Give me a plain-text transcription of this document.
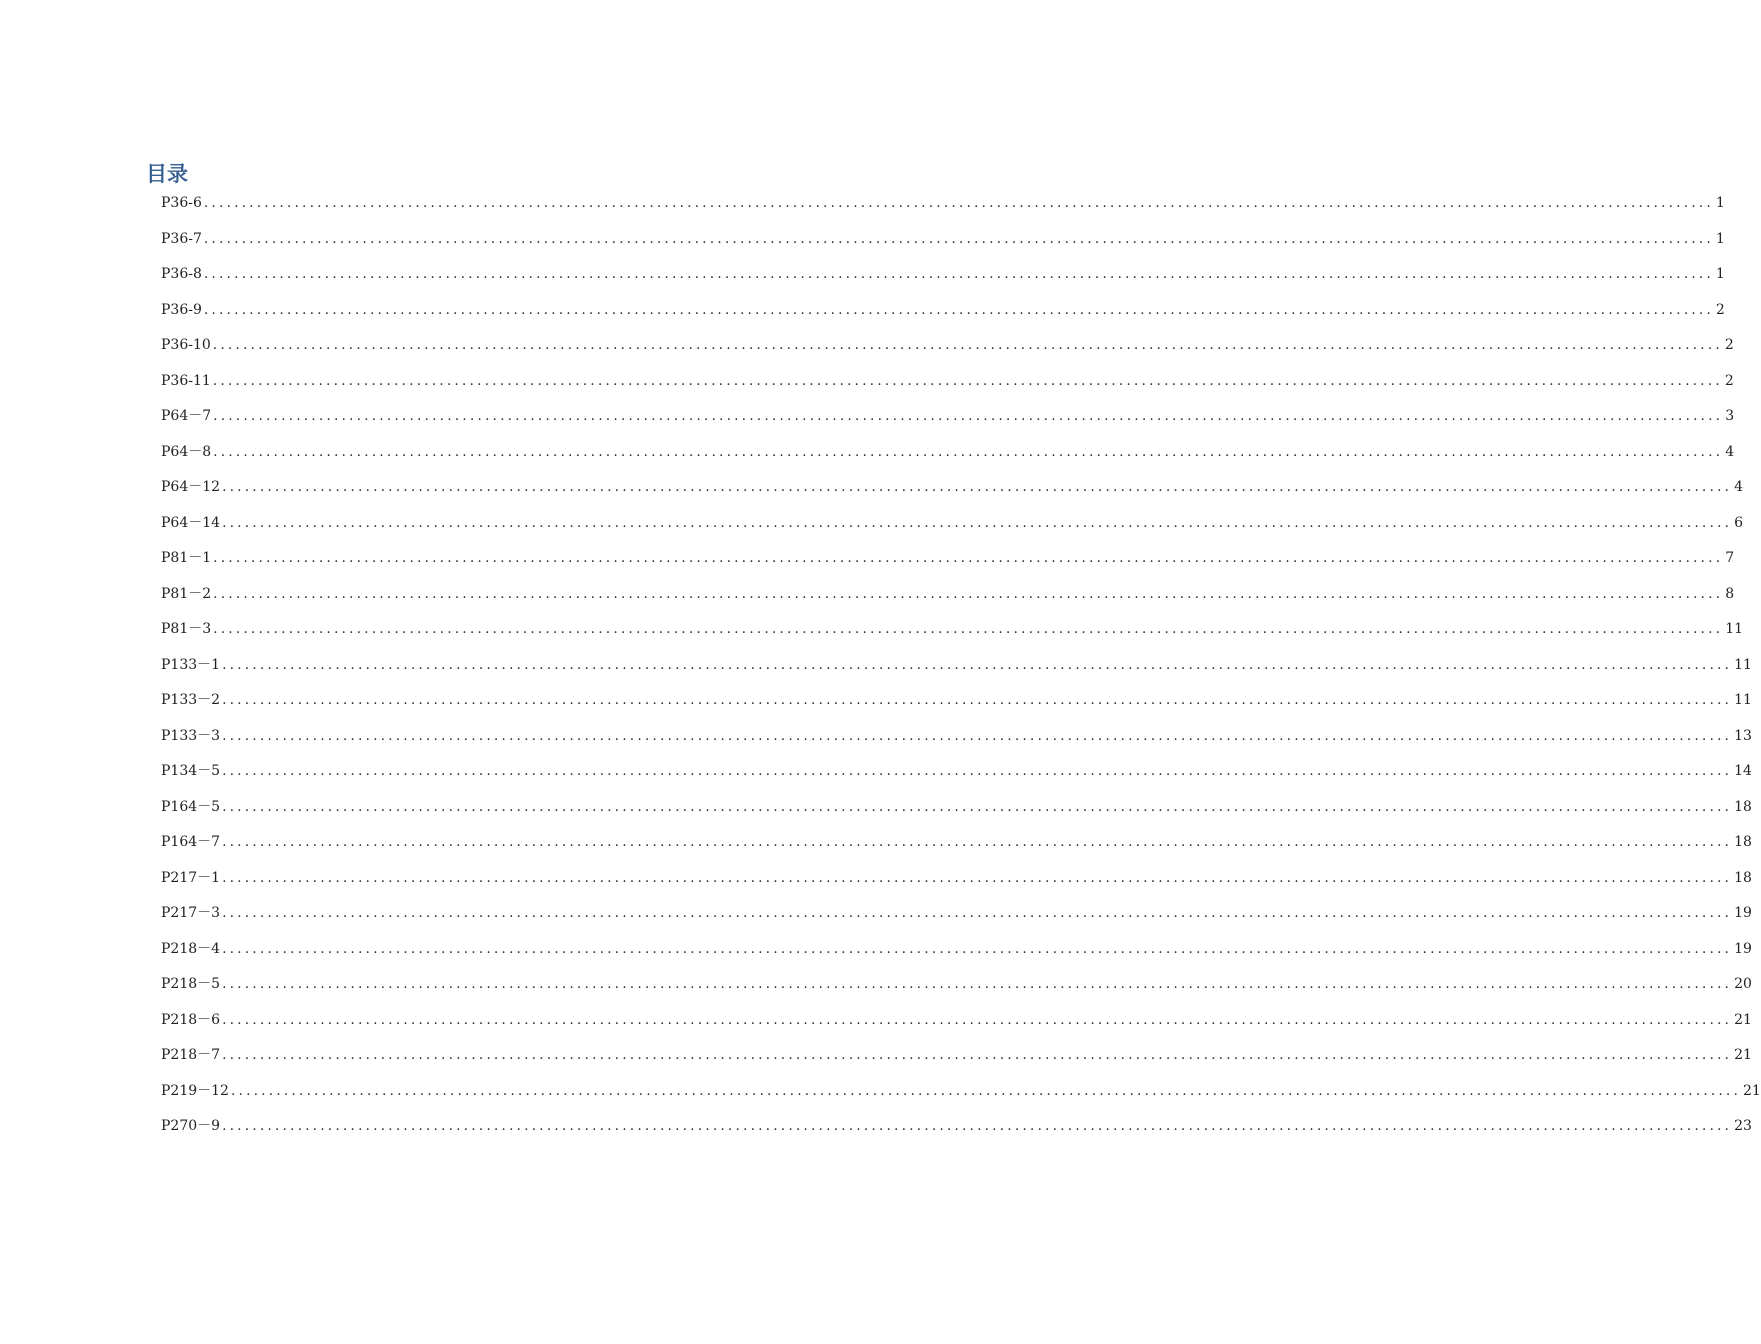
目录
P36-6 ........................................................................................................................................................................................................ 1
P36-7 ........................................................................................................................................................................................................ 1
P36-8 ........................................................................................................................................................................................................ 1
P36-9 ........................................................................................................................................................................................................ 2
P36-10 ........................................................................................................................................................................................................ 2
P36-11 ........................................................................................................................................................................................................ 2
P64－7 ........................................................................................................................................................................................................ 3
P64－8 ........................................................................................................................................................................................................ 4
P64－12 ........................................................................................................................................................................................................ 4
P64－14 ........................................................................................................................................................................................................ 6
P81－1 ........................................................................................................................................................................................................ 7
P81－2 ........................................................................................................................................................................................................ 8
P81－3 ........................................................................................................................................................................................................ 11
P133－1 ........................................................................................................................................................................................................ 11
P133－2 ........................................................................................................................................................................................................ 11
P133－3 ........................................................................................................................................................................................................ 13
P134－5 ........................................................................................................................................................................................................ 14
P164－5 ........................................................................................................................................................................................................ 18
P164－7 ........................................................................................................................................................................................................ 18
P217－1 ........................................................................................................................................................................................................ 18
P217－3 ........................................................................................................................................................................................................ 19
P218－4 ........................................................................................................................................................................................................ 19
P218－5 ........................................................................................................................................................................................................ 20
P218－6 ........................................................................................................................................................................................................ 21
P218－7 ........................................................................................................................................................................................................ 21
P219－12 ........................................................................................................................................................................................................ 21
P270－9 ........................................................................................................................................................................................................ 23
